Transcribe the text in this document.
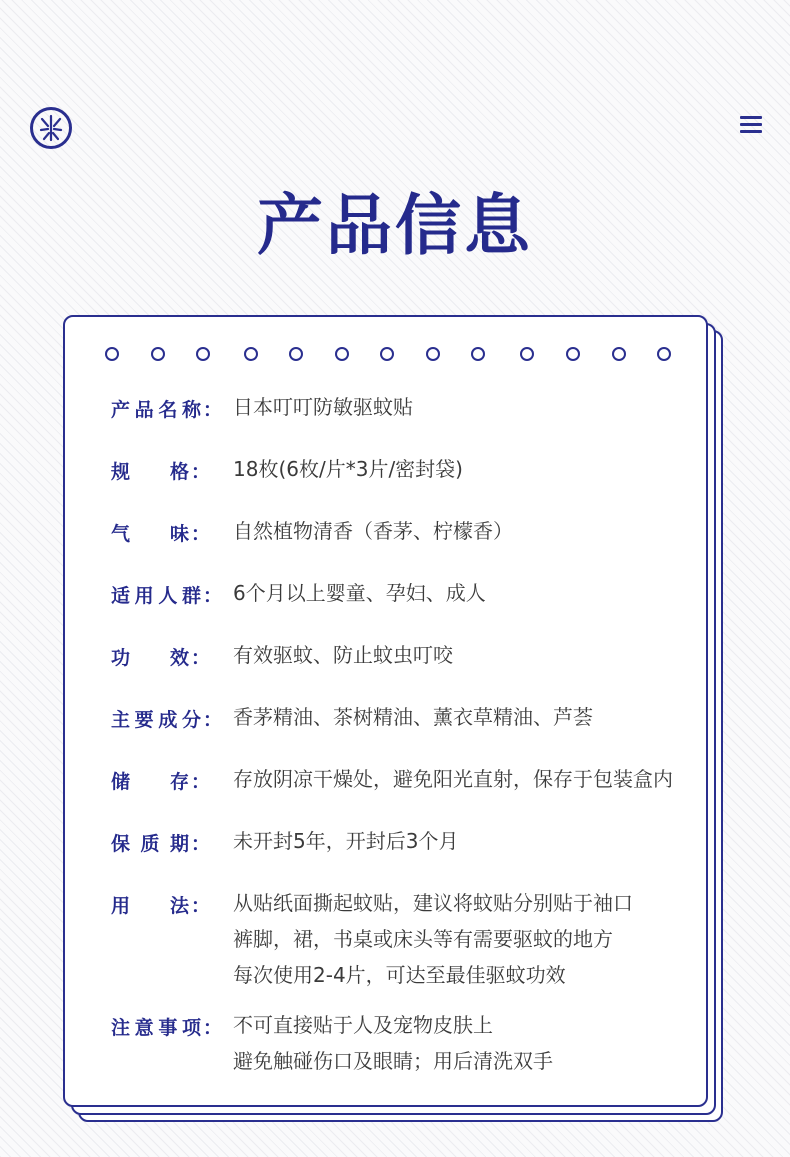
产品信息
产品名称 ： 日本叮叮防敏驱蚊贴
规格 ： 18枚(6枚/片*3片/密封袋)
气味 ： 自然植物清香（香茅、柠檬香）
适用人群 ： 6个月以上婴童、孕妇、成人
功效 ： 有效驱蚊、防止蚊虫叮咬
主要成分 ： 香茅精油、茶树精油、薰衣草精油、芦荟
储存 ： 存放阴凉干燥处，避免阳光直射，保存于包装盒内
保质期 ： 未开封5年，开封后3个月
用法 ： 从贴纸面撕起蚊贴，建议将蚊贴分别贴于袖口
裤脚，裙，书桌或床头等有需要驱蚊的地方
每次使用2-4片，可达至最佳驱蚊功效
注意事项 ： 不可直接贴于人及宠物皮肤上
避免触碰伤口及眼睛；用后清洗双手
